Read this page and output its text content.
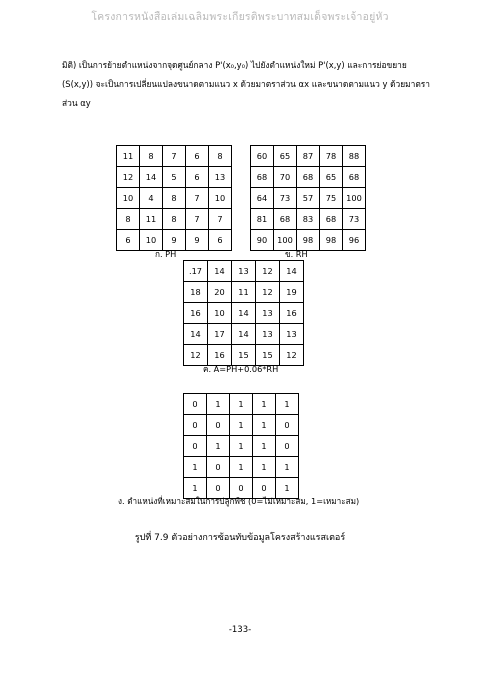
โครงการหนังสือเล่มเฉลิมพระเกียรติพระบาทสมเด็จพระเจ้าอยู่หัว
มิติ) เป็นการย้ายตำแหน่งจากจุดศูนย์กลาง P'(x₀,y₀) ไปยังตำแหน่งใหม่ P'(x,y) และการย่อขยาย
(S(x,y)) จะเป็นการเปลี่ยนแปลงขนาดตามแนว x ด้วยมาตราส่วน αx และขนาดตามแนว y ด้วยมาตรา
ส่วน αy
11	8	7	6	8
12	14	5	6	13
10	4	8	7	10
8	11	8	7	7
6	10	9	9	6
ก. PH
60	65	87	78	88
68	70	68	65	68
64	73	57	75	100
81	68	83	68	73
90	100	98	98	96
ข. RH
.17	14	13	12	14
18	20	11	12	19
16	10	14	13	16
14	17	14	13	13
12	16	15	15	12
ค. A=PH+0.06*RH
0	1	1	1	1
0	0	1	1	0
0	1	1	1	0
1	0	1	1	1
1	0	0	0	1
ง. ตำแหน่งที่เหมาะสมในการปลูกพืช (0=ไม่เหมาะสม, 1=เหมาะสม)
รูปที่ 7.9 ตัวอย่างการซ้อนทับข้อมูลโครงสร้างแรสเตอร์
-133-
